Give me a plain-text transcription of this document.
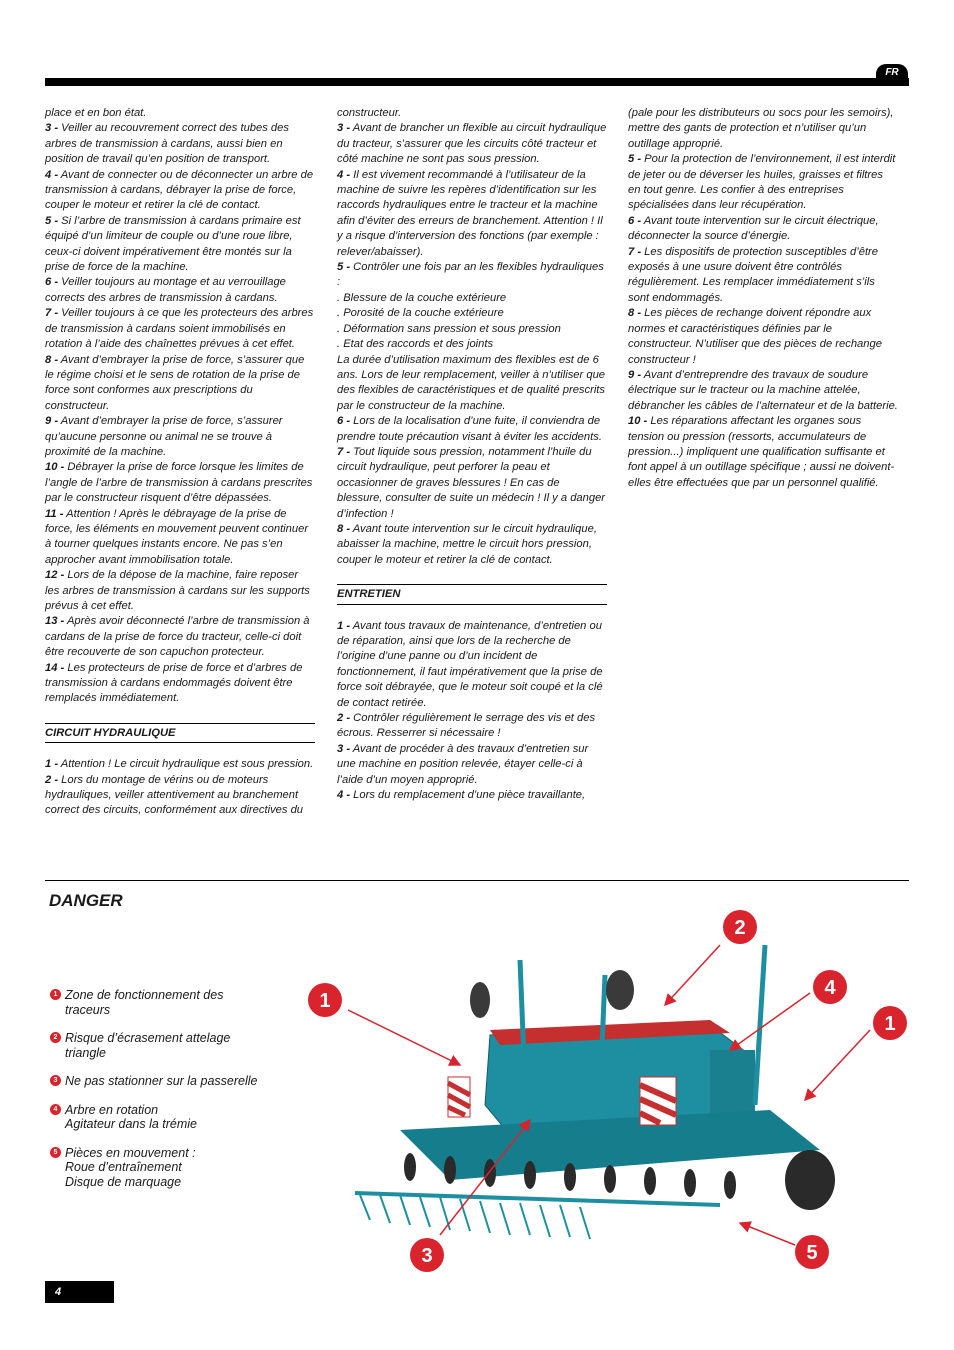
FR

place et en bon état.

3 - Veiller au recouvrement correct des tubes des arbres de transmission à cardans, aussi bien en position de travail qu’en position de transport.

4 - Avant de connecter ou de déconnecter un arbre de transmission à cardans, débrayer la prise de force, couper le moteur et retirer la clé de contact.

5 - Si l’arbre de transmission à cardans primaire est équipé d’un limiteur de couple ou d’une roue libre, ceux-ci doivent impérativement être montés sur la prise de force de la machine.

6 - Veiller toujours au montage et au verrouillage corrects des arbres de transmission à cardans.

7 - Veiller toujours à ce que les protecteurs des arbres de transmission à cardans soient immobilisés en rotation à l’aide des chaînettes prévues à cet effet.

8 - Avant d’embrayer la prise de force, s’assurer que le régime choisi et le sens de rotation de la prise de force sont conformes aux prescriptions du constructeur.

9 - Avant d’embrayer la prise de force, s’assurer qu’aucune personne ou animal ne se trouve à proximité de la machine.

10 - Débrayer la prise de force lorsque les limites de l’angle de l’arbre de transmission à cardans prescrites par le constructeur risquent d’être dépassées.

11 - Attention ! Après le débrayage de la prise de force, les éléments en mouvement peuvent continuer à tourner quelques instants encore. Ne pas s’en approcher avant immobilisation totale.

12 - Lors de la dépose de la machine, faire reposer les arbres de transmission à cardans sur les supports prévus à cet effet.

13 - Après avoir déconnecté l’arbre de transmission à cardans de la prise de force du tracteur, celle-ci doit être recouverte de son capuchon protecteur.

14 - Les protecteurs de prise de force et d’arbres de transmission à cardans endommagés doivent être remplacés immédiatement.

CIRCUIT HYDRAULIQUE

1 - Attention ! Le circuit hydraulique est sous pression.

2 - Lors du montage de vérins ou de moteurs hydrauliques, veiller attentivement au branchement correct des circuits, conformément aux directives du

constructeur.

3 - Avant de brancher un flexible au circuit hydraulique du tracteur, s’assurer que les circuits côté tracteur et côté machine ne sont pas sous pression.

4 - Il est vivement recommandé à l’utilisateur de la machine de suivre les repères d’identification sur les raccords hydrauliques entre le tracteur et la machine afin d’éviter des erreurs de branchement. Attention ! Il y a risque d’interversion des fonctions (par exemple : relever/abaisser).

5 - Contrôler une fois par an les flexibles hydrauliques :

. Blessure de la couche extérieure

. Porosité de la couche extérieure

. Déformation sans pression et sous pression

. Etat des raccords et des joints

La durée d’utilisation maximum des flexibles est de 6 ans. Lors de leur remplacement, veiller à n’utiliser que des flexibles de caractéristiques et de qualité prescrits par le constructeur de la machine.

6 - Lors de la localisation d’une fuite, il conviendra de prendre toute précaution visant à éviter les accidents.

7 - Tout liquide sous pression, notamment l’huile du circuit hydraulique, peut perforer la peau et occasionner de graves blessures ! En cas de blessure, consulter de suite un médecin ! Il y a danger d’infection !

8 - Avant toute intervention sur le circuit hydraulique, abaisser la machine, mettre le circuit hors pression, couper le moteur et retirer la clé de contact.

ENTRETIEN

1 - Avant tous travaux de maintenance, d’entretien ou de réparation, ainsi que lors de la recherche de l’origine d’une panne ou d’un incident de fonctionnement, il faut impérativement que la prise de force soit débrayée, que le moteur soit coupé et la clé de contact retirée.

2 - Contrôler régulièrement le serrage des vis et des écrous. Resserrer si nécessaire !

3 - Avant de procéder à des travaux d’entretien sur une machine en position relevée, étayer celle-ci à l’aide d’un moyen approprié.

4 - Lors du remplacement d’une pièce travaillante,

(pale pour les distributeurs ou socs pour les semoirs), mettre des gants de protection et n’utiliser qu’un outillage approprié.

5 - Pour la protection de l’environnement, il est interdit de jeter ou de déverser les huiles, graisses et filtres en tout genre. Les confier à des entreprises spécialisées dans leur récupération.

6 - Avant toute intervention sur le circuit électrique, déconnecter la source d’énergie.

7 - Les dispositifs de protection susceptibles d’être exposés à une usure doivent être contrôlés régulièrement. Les remplacer immédiatement s’ils sont endommagés.

8 - Les pièces de rechange doivent répondre aux normes et caractéristiques définies par le constructeur. N’utiliser que des pièces de rechange constructeur !

9 - Avant d’entreprendre des travaux de soudure électrique sur le tracteur ou la machine attelée, débrancher les câbles de l’alternateur et de la batterie.

10 - Les réparations affectant les organes sous tension ou pression (ressorts, accumulateurs de pression...) impliquent une qualification suffisante et font appel à un outillage spécifique ; aussi ne doivent-elles être effectuées que par un personnel qualifié.

DANGER
1 Zone de fonctionnement des
traceurs
2 Risque d’écrasement attelage
triangle
3 Ne pas stationner sur la passerelle
4 Arbre en rotation
Agitateur dans la trémie
5 Pièces en mouvement :
Roue d’entraînement
Disque de marquage
1
2
4
1
3	5
4
